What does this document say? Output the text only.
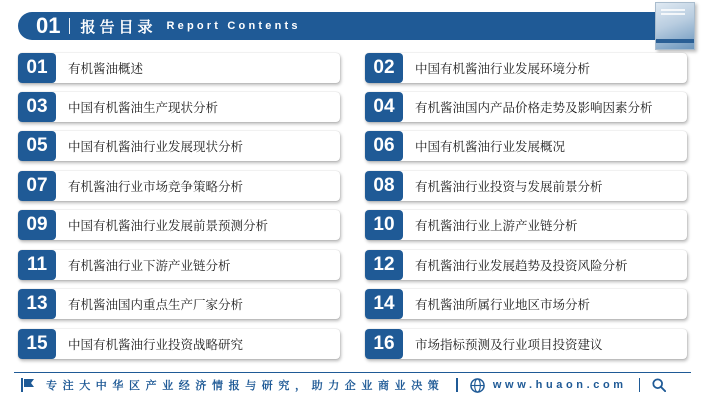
01 报告目录 Report Contents
01	有机酱油概述	02	中国有机酱油行业发展环境分析
03	中国有机酱油生产现状分析	04	有机酱油国内产品价格走势及影响因素分析
05	中国有机酱油行业发展现状分析	06	中国有机酱油行业发展概况
07	有机酱油行业市场竞争策略分析	08	有机酱油行业投资与发展前景分析
09	中国有机酱油行业发展前景预测分析	10	有机酱油行业上游产业链分析
11	有机酱油行业下游产业链分析	12	有机酱油行业发展趋势及投资风险分析
13	有机酱油国内重点生产厂家分析	14	有机酱油所属行业地区市场分析
15	中国有机酱油行业投资战略研究	16	市场指标预测及行业项目投资建议
专注大中华区产业经济情报与研究，助力企业商业决策	www.huaon.com
